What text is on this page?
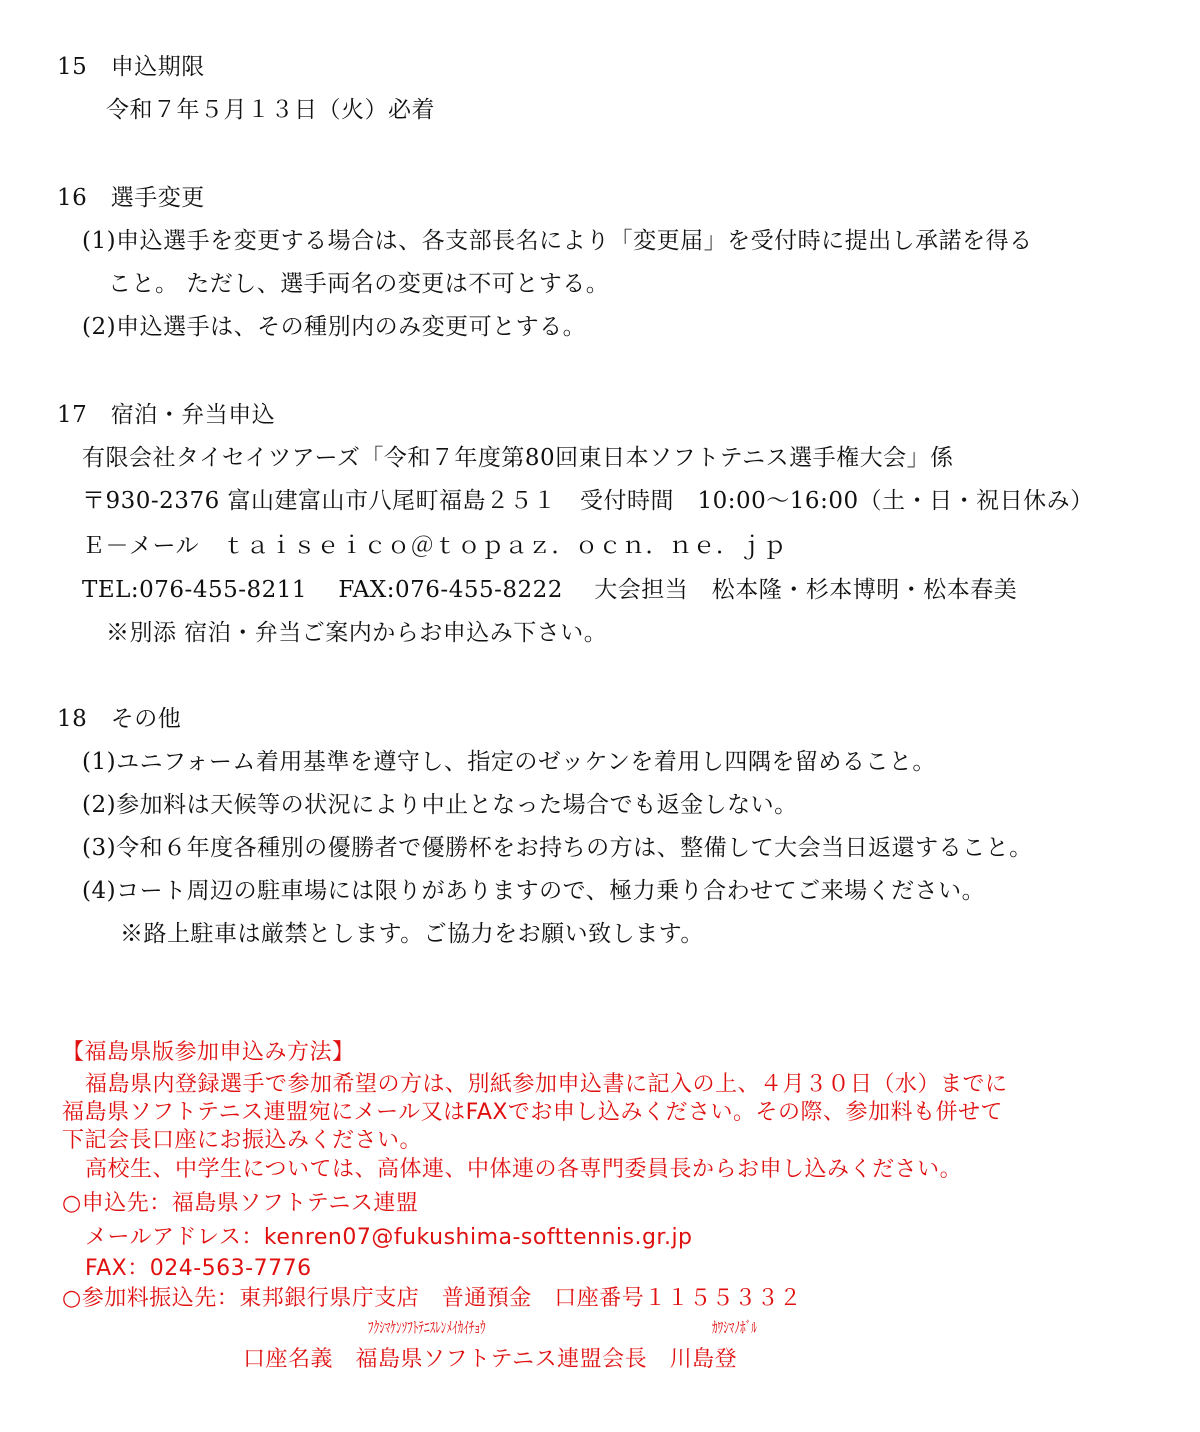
15　申込期限
令和７年５月１３日（火）必着
16　選手変更
(1)申込選手を変更する場合は、各支部長名により「変更届」を受付時に提出し承諾を得る
こと。 ただし、選手両名の変更は不可とする。
(2)申込選手は、その種別内のみ変更可とする。
17　宿泊・弁当申込
有限会社タイセイツアーズ「令和７年度第80回東日本ソフトテニス選手権大会」係
〒930-2376 富山建富山市八尾町福島２５１　受付時間　10:00〜16:00（土・日・祝日休み）
Ｅ－メール　ｔａｉｓｅｉｃｏ＠ｔｏｐａｚ．ｏｃｎ．ｎｅ．ｊｐ
TEL:076-455-8211　 FAX:076-455-8222　 大会担当　松本隆・杉本博明・松本春美
※別添 宿泊・弁当ご案内からお申込み下さい。
18　その他
(1)ユニフォーム着用基準を遵守し、指定のゼッケンを着用し四隅を留めること。
(2)参加料は天候等の状況により中止となった場合でも返金しない。
(3)令和６年度各種別の優勝者で優勝杯をお持ちの方は、整備して大会当日返還すること。
(4)コート周辺の駐車場には限りがありますので、極力乗り合わせてご来場ください。
※路上駐車は厳禁とします。ご協力をお願い致します。
【福島県版参加申込み方法】
福島県内登録選手で参加希望の方は、別紙参加申込書に記入の上、４月３０日（水）までに
福島県ソフトテニス連盟宛にメール又はFAXでお申し込みください。その際、参加料も併せて
下記会長口座にお振込みください。
高校生、中学生については、高体連、中体連の各専門委員長からお申し込みください。
○申込先：福島県ソフトテニス連盟
メールアドレス：kenren07@fukushima-softtennis.gr.jp
FAX：024-563-7776
○参加料振込先：東邦銀行県庁支店　普通預金　口座番号１１５５３３２
ﾌｸｼﾏｹﾝｿﾌﾄﾃﾆｽﾚﾝﾒｲｶｲﾁｮｳ	ｶﾜｼﾏﾉﾎﾞﾙ
口座名義　福島県ソフトテニス連盟会長　川島登
